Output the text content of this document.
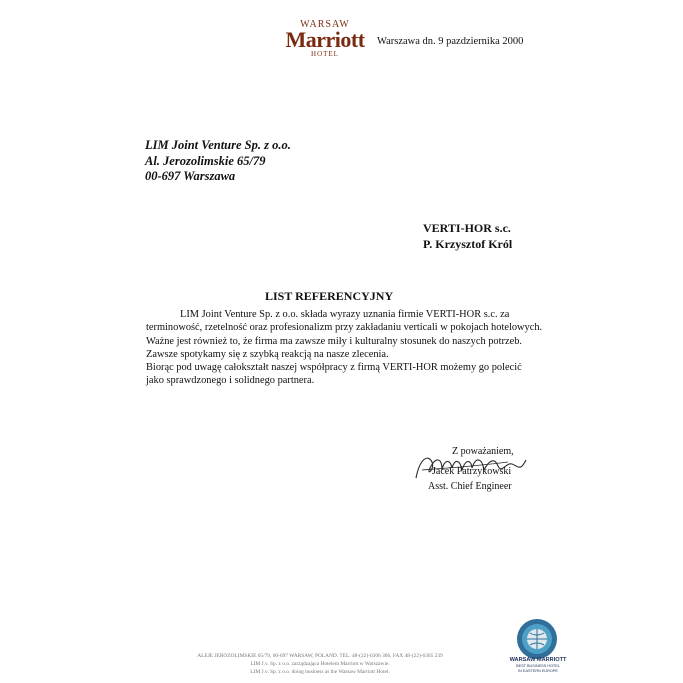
WARSAW
Marriott
HOTEL
Warszawa dn. 9 pazdziernika 2000
LIM Joint Venture Sp. z o.o.
Al. Jerozolimskie 65/79
00-697 Warszawa
VERTI-HOR s.c.
P. Krzysztof Król
LIST REFERENCYJNY
LIM Joint Venture Sp. z o.o. składa wyrazy uznania firmie VERTI-HOR s.c. za
terminowość, rzetelność oraz profesionalizm przy zakładaniu verticali w pokojach hotelowych.
Ważne jest również to, że firma ma zawsze miły i kulturalny stosunek do naszych potrzeb.
Zawsze spotykamy się z szybką reakcją na nasze zlecenia.
Biorąc pod uwagę całokształt naszej współpracy z firmą VERTI-HOR możemy go polecić
jako sprawdzonego i solidnego partnera.
Z poważaniem,
Jacek Patrzykowski
Asst. Chief Engineer
ALEJE JEROZOLIMSKIE 65/79, 00-697 WARSAW, POLAND. TEL. 48-(22)-6306 306, FAX 48-(22)-6305 239
LIM J.v. Sp. z o.o. zarządzająca Hotelem Marriott w Warszawie.
LIM J.v. Sp. z o.o. doing business as the Warsaw Marriott Hotel.
WARSAW MARRIOTT
BEST BUSINESS HOTEL
IN EASTERN EUROPE
